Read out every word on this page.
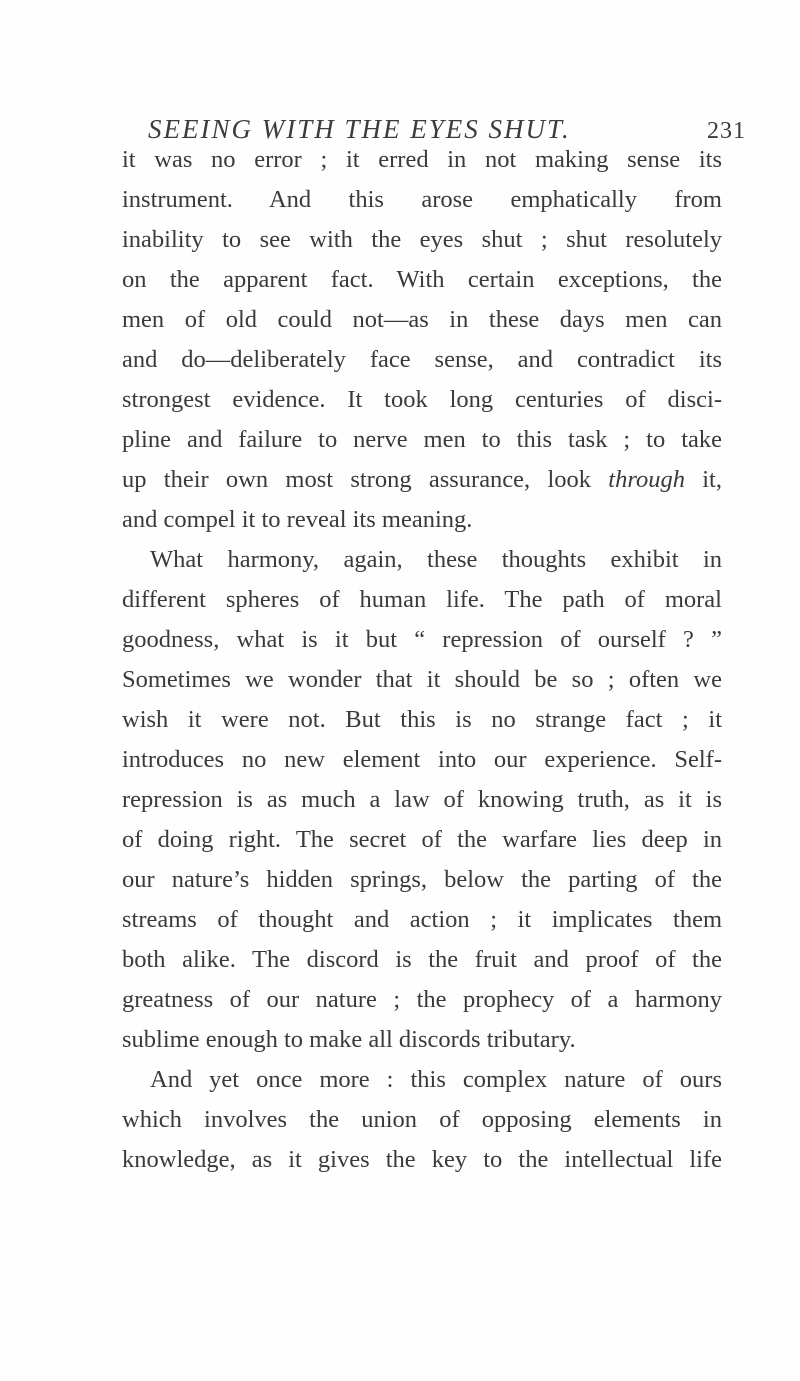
SEEING WITH THE EYES SHUT.	231
it was no error ; it erred in not making sense its
instrument. And this arose emphatically from
inability to see with the eyes shut ; shut resolutely
on the apparent fact. With certain exceptions, the
men of old could not—as in these days men can
and do—deliberately face sense, and contradict its
strongest evidence. It took long centuries of disci-
pline and failure to nerve men to this task ; to take
up their own most strong assurance, look through it,
and compel it to reveal its meaning.
What harmony, again, these thoughts exhibit in
different spheres of human life. The path of moral
goodness, what is it but “ repression of ourself ? ”
Sometimes we wonder that it should be so ; often we
wish it were not. But this is no strange fact ; it
introduces no new element into our experience. Self-
repression is as much a law of knowing truth, as it is
of doing right. The secret of the warfare lies deep in
our nature’s hidden springs, below the parting of the
streams of thought and action ; it implicates them
both alike. The discord is the fruit and proof of the
greatness of our nature ; the prophecy of a harmony
sublime enough to make all discords tributary.
And yet once more : this complex nature of ours
which involves the union of opposing elements in
knowledge, as it gives the key to the intellectual life
